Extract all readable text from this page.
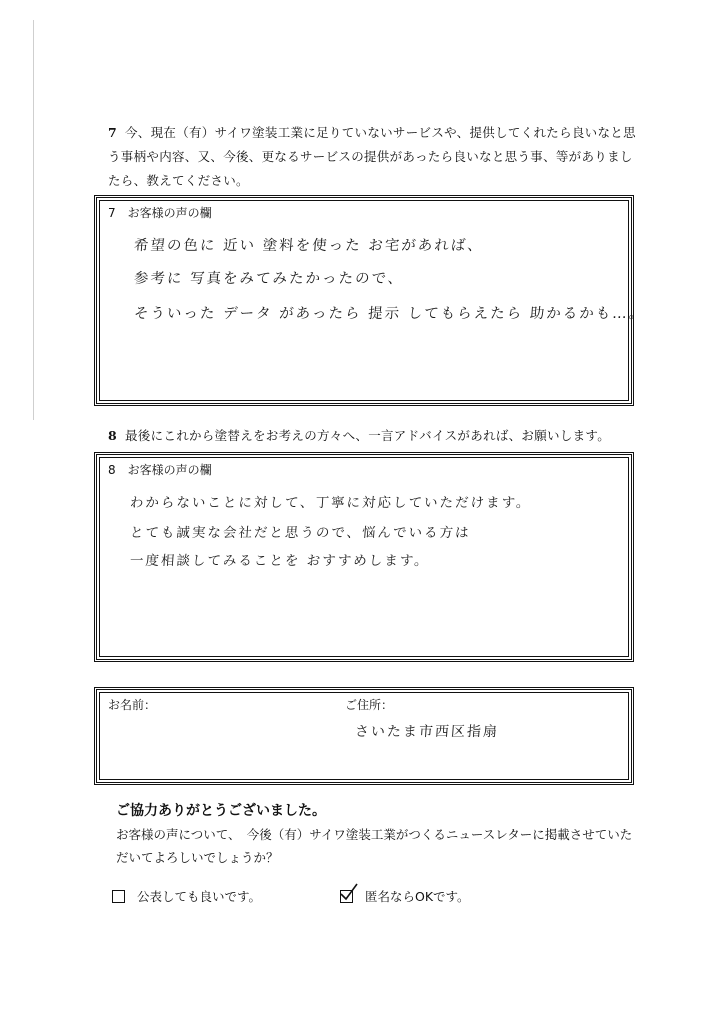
7 今、現在（有）サイワ塗装工業に足りていないサービスや、提供してくれたら良いなと思う事柄や内容、又、今後、更なるサービスの提供があったら良いなと思う事、等がありましたら、教えてください。

7　お客様の声の欄

希望の色に 近い 塗料を使った お宅があれば、

参考に 写真をみてみたかったので、

そういった データ があったら 提示 してもらえたら 助かるかも…。

8 最後にこれから塗替えをお考えの方々へ、一言アドバイスがあれば、お願いします。

8　お客様の声の欄

わからないことに対して、丁寧に対応していただけます。

とても誠実な会社だと思うので、悩んでいる方は

一度相談してみることを おすすめします。

お名前：	ご住所：

さいたま市西区指扇

ご協力ありがとうございました。

お客様の声について、　今後（有）サイワ塗装工業がつくるニュースレターに掲載させていただいてよろしいでしょうか？

公表しても良いです。	匿名ならOKです。
